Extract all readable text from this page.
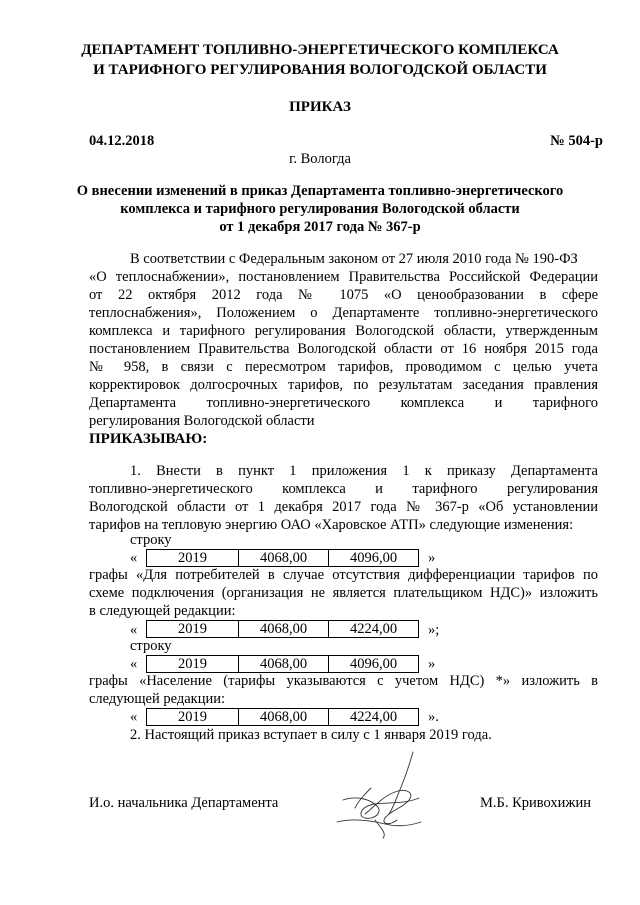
ДЕПАРТАМЕНТ ТОПЛИВНО-ЭНЕРГЕТИЧЕСКОГО КОМПЛЕКСА
И ТАРИФНОГО РЕГУЛИРОВАНИЯ ВОЛОГОДСКОЙ ОБЛАСТИ
ПРИКАЗ
04.12.2018	№ 504-р
г. Вологда
О внесении изменений в приказ Департамента топливно-энергетического
комплекса и тарифного регулирования Вологодской области
от 1 декабря 2017 года № 367-р
В соответствии с Федеральным законом от 27 июля 2010 года № 190-ФЗ
«О теплоснабжении», постановлением Правительства Российской Федерации
от 22 октября 2012 года № 1075 «О ценообразовании в сфере
теплоснабжения», Положением о Департаменте топливно-энергетического
комплекса и тарифного регулирования Вологодской области, утвержденным
постановлением Правительства Вологодской области от 16 ноября 2015 года
№ 958, в связи с пересмотром тарифов, проводимом с целью учета
корректировок долгосрочных тарифов, по результатам заседания правления
Департамента топливно-энергетического комплекса и тарифного
регулирования Вологодской области
ПРИКАЗЫВАЮ:
1. Внести в пункт 1 приложения 1 к приказу Департамента
топливно-энергетического комплекса и тарифного регулирования
Вологодской области от 1 декабря 2017 года № 367-р «Об установлении
тарифов на тепловую энергию ОАО «Харовское АТП» следующие изменения:
строку
«	2019	4068,00	4096,00 »
графы «Для потребителей в случае отсутствия дифференциации тарифов по
схеме подключения (организация не является плательщиком НДС)» изложить
в следующей редакции:
«	2019	4068,00	4224,00 »;
строку
«	2019	4068,00	4096,00 »
графы «Население (тарифы указываются с учетом НДС) *» изложить в
следующей редакции:
«	2019	4068,00	4224,00 ».
2. Настоящий приказ вступает в силу с 1 января 2019 года.
И.о. начальника Департамента	М.Б. Кривохижин
